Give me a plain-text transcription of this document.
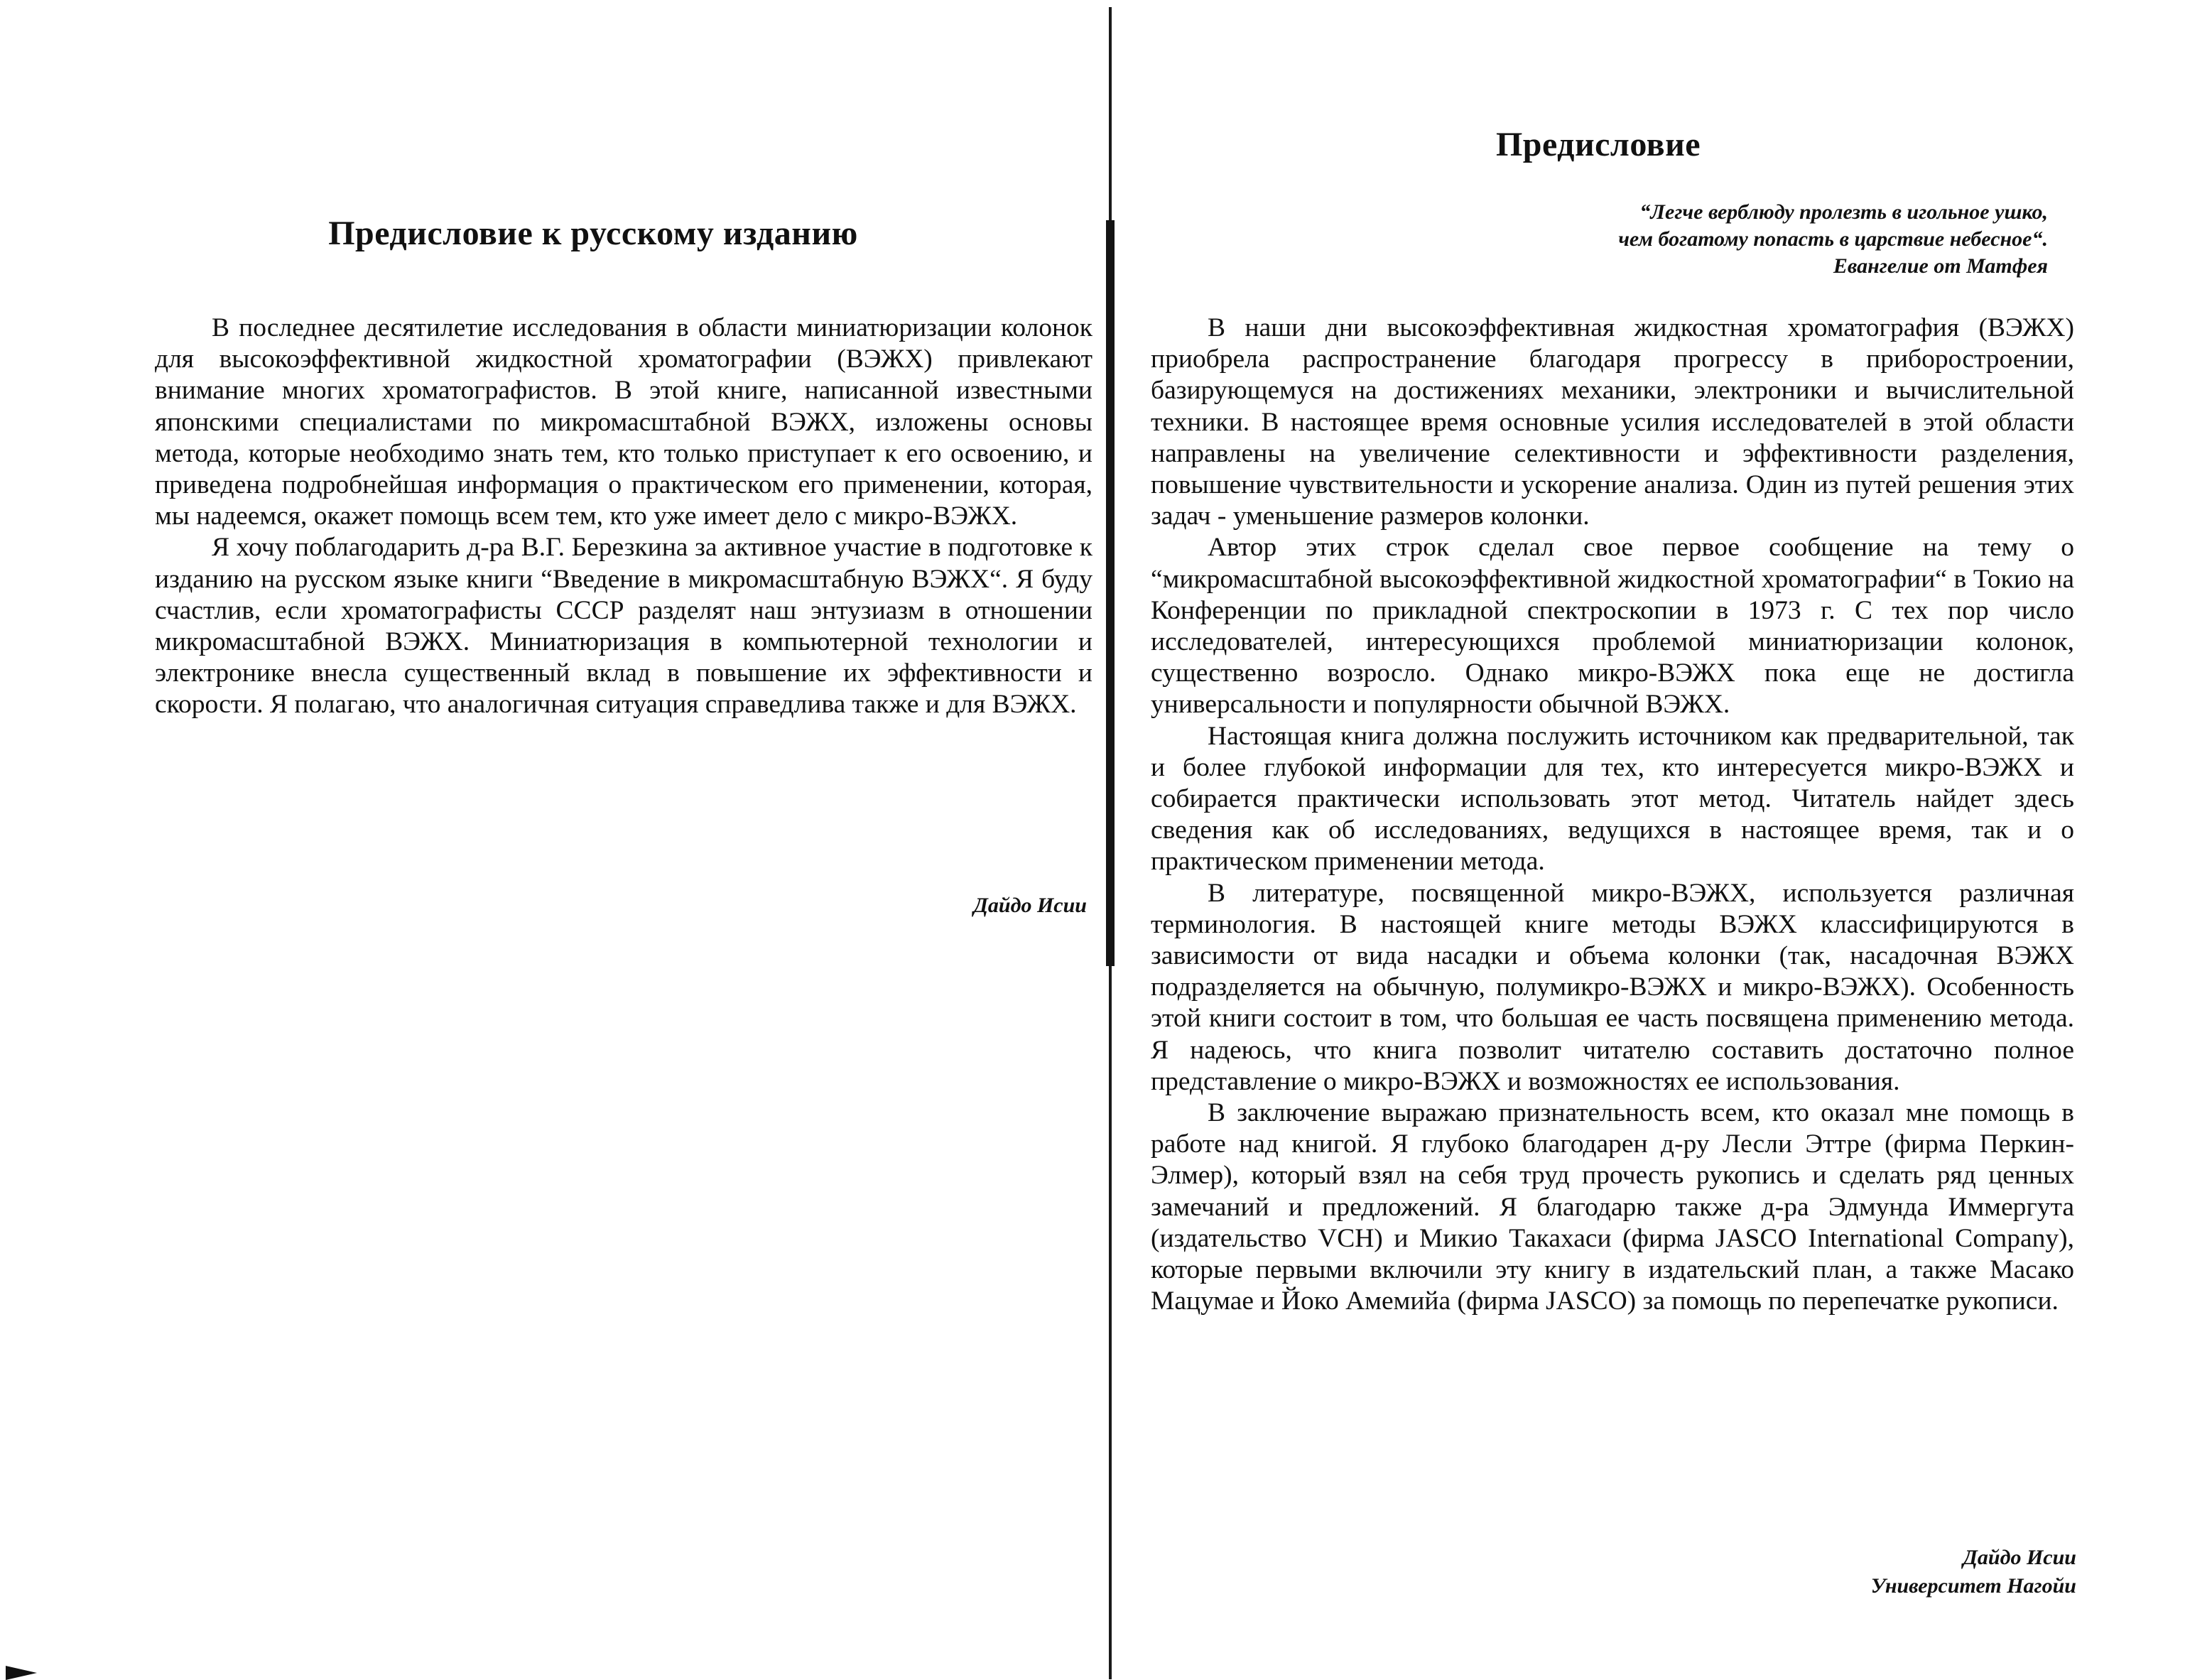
Предисловие к русскому изданию

В последнее десятилетие исследования в области миниатюризации колонок для высокоэффективной жидкостной хроматографии (ВЭЖХ) привлекают внимание многих хроматографистов. В этой книге, написанной известными японскими специалистами по микромасштабной ВЭЖХ, изложены основы метода, которые необходимо знать тем, кто только приступает к его освоению, и приведена подробнейшая информация о практическом его применении, которая, мы надеемся, окажет помощь всем тем, кто уже имеет дело с микро-ВЭЖХ.

Я хочу поблагодарить д-ра В.Г. Березкина за активное участие в подготовке к изданию на русском языке книги “Введение в микромасштабную ВЭЖХ“. Я буду счастлив, если хроматографисты СССР разделят наш энтузиазм в отношении микромасштабной ВЭЖХ. Миниатюризация в компьютерной технологии и электронике внесла существенный вклад в повышение их эффективности и скорости. Я полагаю, что аналогичная ситуация справедлива также и для ВЭЖХ.

Дайдо Исии
Предисловие
“Легче верблюду пролезть в игольное ушко,
чем богатому попасть в царствие небесное“.
Евангелие от Матфея

В наши дни высокоэффективная жидкостная хроматография (ВЭЖХ) приобрела распространение благодаря прогрессу в приборостроении, базирующемуся на достижениях механики, электроники и вычислительной техники. В настоящее время основные усилия исследователей в этой области направлены на увеличение селективности и эффективности разделения, повышение чувствительности и ускорение анализа. Один из путей решения этих задач - уменьшение размеров колонки.

Автор этих строк сделал свое первое сообщение на тему о “микромасштабной высокоэффективной жидкостной хроматографии“ в Токио на Конференции по прикладной спектроскопии в 1973 г. С тех пор число исследователей, интересующихся проблемой миниатюризации колонок, существенно возросло. Однако микро-ВЭЖХ пока еще не достигла универсальности и популярности обычной ВЭЖХ.

Настоящая книга должна послужить источником как предварительной, так и более глубокой информации для тех, кто интересуется микро-ВЭЖХ и собирается практически использовать этот метод. Читатель найдет здесь сведения как об исследованиях, ведущихся в настоящее время, так и о практическом применении метода.

В литературе, посвященной микро-ВЭЖХ, используется различная терминология. В настоящей книге методы ВЭЖХ классифицируются в зависимости от вида насадки и объема колонки (так, насадочная ВЭЖХ подразделяется на обычную, полумикро-ВЭЖХ и микро-ВЭЖХ). Особенность этой книги состоит в том, что большая ее часть посвящена применению метода. Я надеюсь, что книга позволит читателю составить достаточно полное представление о микро-ВЭЖХ и возможностях ее использования.

В заключение выражаю признательность всем, кто оказал мне помощь в работе над книгой. Я глубоко благодарен д-ру Лесли Эттре (фирма Перкин-Элмер), который взял на себя труд прочесть рукопись и сделать ряд ценных замечаний и предложений. Я благодарю также д-ра Эдмунда Иммергута (издательство VCH) и Микио Такахаси (фирма JASCO International Company), которые первыми включили эту книгу в издательский план, а также Масако Мацумае и Йоко Амемийа (фирма JASCO) за помощь по перепечатке рукописи.

Дайдо Исии
Университет Нагойи
